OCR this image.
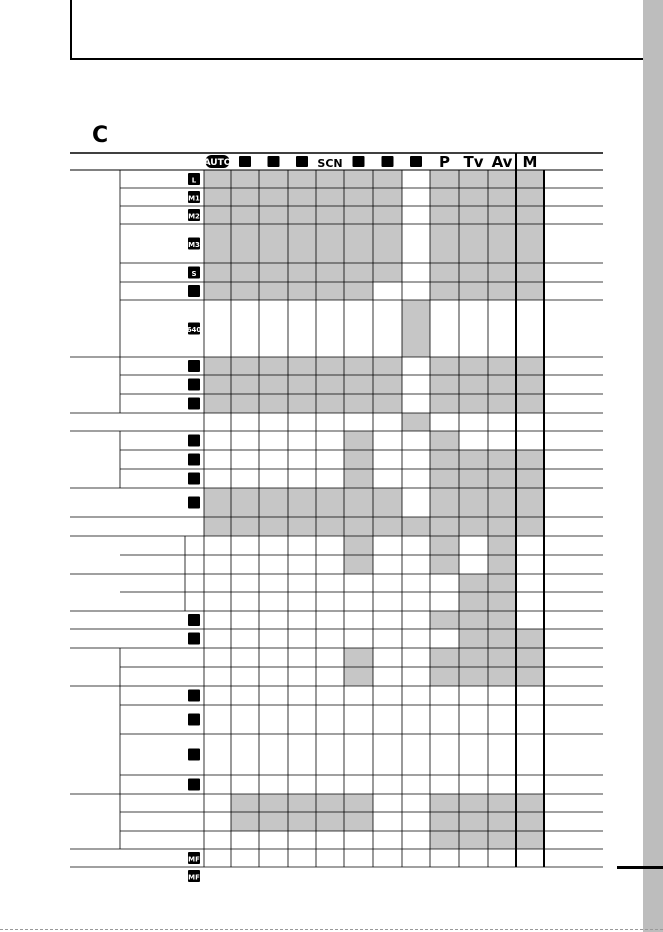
C
AUTO	SCN	P Tv Av M
L
M1
M2
M3
S
640
MF
MF
